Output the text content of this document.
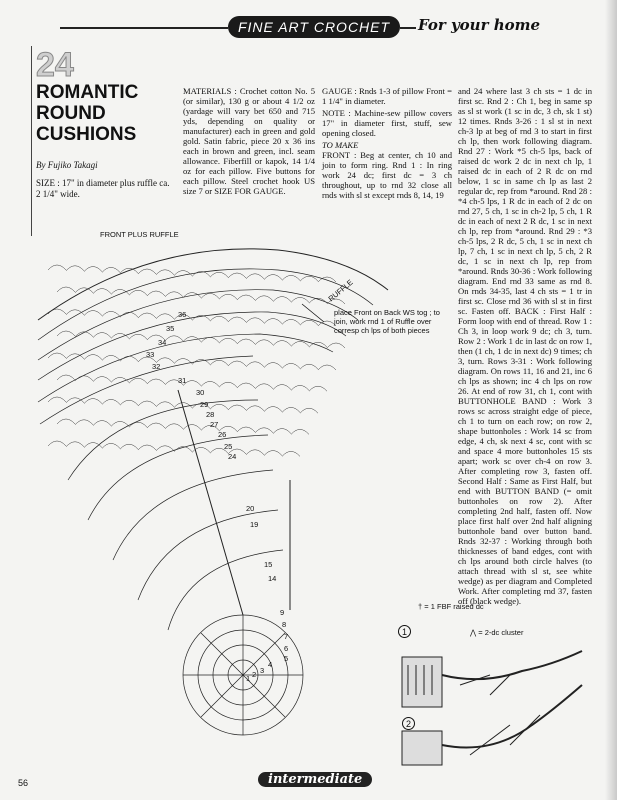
FINE ART CROCHET	For your home
24
ROMANTIC
ROUND
CUSHIONS
By Fujiko Takagi
SIZE : 17" in diameter plus ruffle ca. 2 1/4" wide.
MATERIALS : Crochet cotton No. 5 (or similar), 130 g or about 4 1/2 oz (yardage will vary bet 650 and 715 yds, depending on quality or manufacturer) each in green and gold gold. Satin fabric, piece 20 x 36 ins each in brown and green, incl. seam allowance. Fiberfill or kapok, 14 1/4 oz for each pillow. Five buttons for each pillow. Steel crochet hook US size 7 or SIZE FOR GAUGE.
GAUGE : Rnds 1-3 of pillow Front = 1 1/4" in diameter.
NOTE : Machine-sew pillow covers 17" in diameter first, stuff, sew opening closed.
TO MAKE
FRONT : Beg at center, ch 10 and join to form ring. Rnd 1 : In ring work 24 dc; first dc = 3 ch throughout, up to rnd 32 close all rnds with sl st except rnds 8, 14, 19
and 24 where last 3 ch sts = 1 dc in first sc. Rnd 2 : Ch 1, beg in same sp as sl st work (1 sc in dc, 3 ch, sk 1 st) 12 times. Rnds 3-26 : 1 sl st in next ch-3 lp at beg of rnd 3 to start in first ch lp, then work following diagram. Rnd 27 : Work *5 ch-5 lps, back of raised dc work 2 dc in next ch lp, 1 raised dc in each of 2 R dc on rnd below, 1 sc in same ch lp as last 2 regular dc, rep from *around. Rnd 28 : *4 ch-5 lps, 1 R dc in each of 2 dc on rnd 27, 5 ch, 1 sc in ch-2 lp, 5 ch, 1 R dc in each of next 2 R dc, 1 sc in next ch lp, rep from *around. Rnd 29 : *3 ch-5 lps, 2 R dc, 5 ch, 1 sc in next ch lp, 7 ch, 1 sc in next ch lp, 5 ch, 2 R dc, 1 sc in next ch lp, rep from *around. Rnds 30-36 : Work following diagram. End rnd 33 same as rnd 8. On rnds 34-35, last 4 ch sts = 1 tr in first sc. Close rnd 36 with sl st in first sc. Fasten off. BACK : First Half : Form loop with end of thread. Row 1 : Ch 3, in loop work 9 dc; ch 3, turn. Row 2 : Work 1 dc in last dc on row 1, then (1 ch, 1 dc in next dc) 9 times; ch 3, turn. Rows 3-31 : Work following diagram. On rows 11, 16 and 21, inc 6 ch lps as shown; inc 4 ch lps on row 26. At end of row 31, ch 1, cont with BUTTONHOLE BAND : Work 3 rows sc across straight edge of piece, ch 1 to turn on each row; on row 2, shape buttonholes : Work 14 sc from edge, 4 ch, sk next 4 sc, cont with sc and space 4 more buttonholes 15 sts apart; work sc over ch-4 on row 3. After completing row 3, fasten off. Second Half : Same as First Half, but end with BUTTON BAND (= omit buttonholes on row 2). After completing 2nd half, fasten off. Now place first half over 2nd half aligning buttonhole band over button band. Rnds 32-37 : Working through both thicknesses of band edges, cont with ch lps around both circle halves (to attach thread with sl st, see white wedge) as per diagram and Completed Work. After completing rnd 37, fasten off (black wedge).
FRONT PLUS RUFFLE
RUFFLE
place Front on Back WS tog ; to join, work rnd 1 of Ruffle over corresp ch lps of both pieces
36
35
34
33
32
31
30
29
28
27
26
25
24
20
19
15
14
9
8
7
6
5
4
3
2
1
† = 1 FBF raised dc
1	⋀ = 2-dc cluster
2
56	intermediate
